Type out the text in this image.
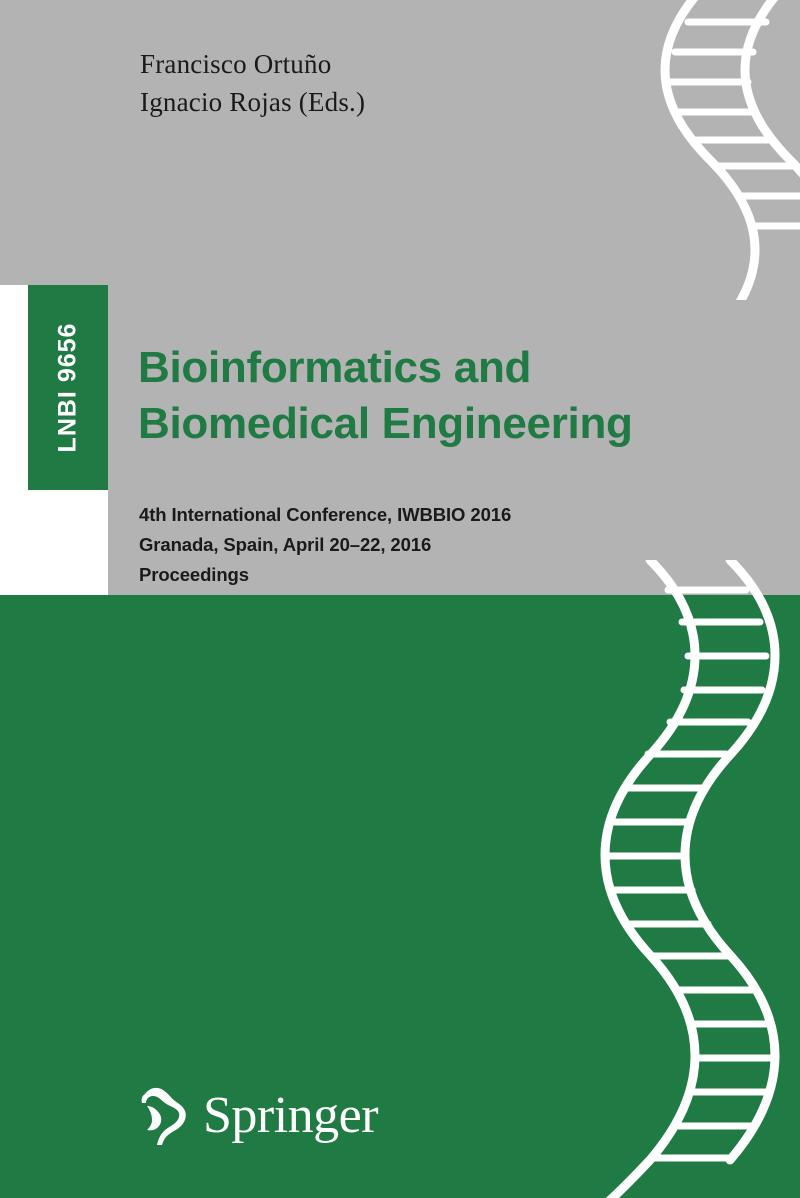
Francisco Ortuño
Ignacio Rojas (Eds.)
LNBI 9656 Bioinformatics and
Biomedical Engineering
4th International Conference, IWBBIO 2016
Granada, Spain, April 20–22, 2016
Proceedings
Springer
